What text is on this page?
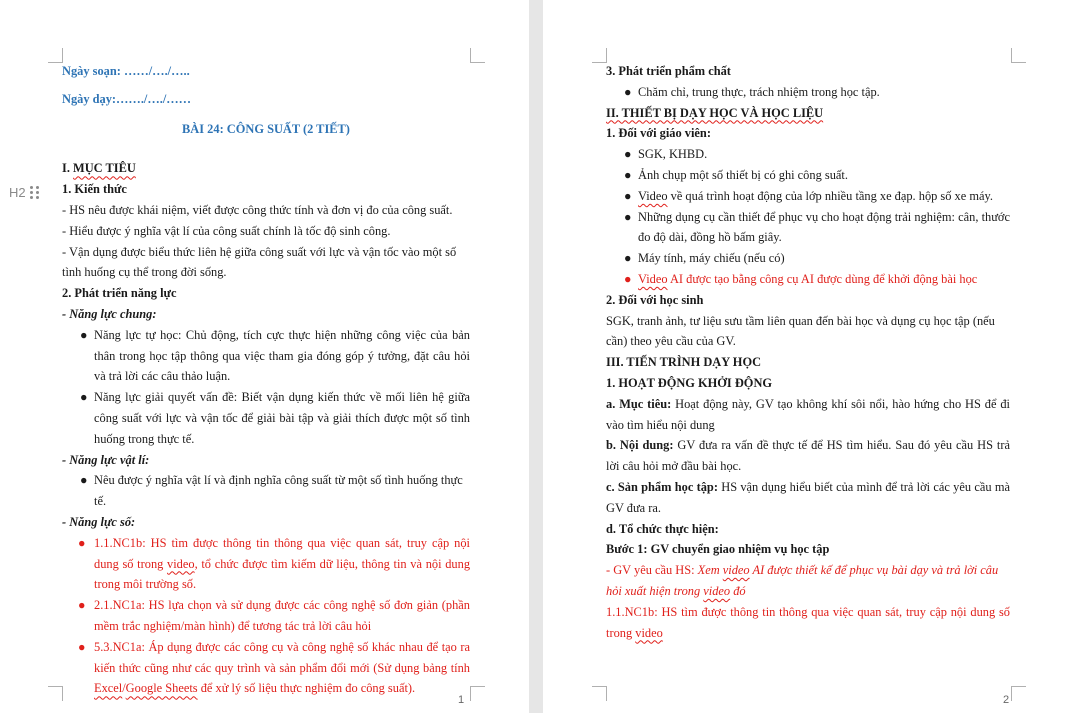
H2

Ngày soạn: ……/…./…..

Ngày dạy:……./…./……

BÀI 24: CÔNG SUẤT (2 TIẾT)

I. MỤC TIÊU

1. Kiến thức

- HS nêu được khái niệm, viết được công thức tính và đơn vị đo của công suất.

- Hiểu được ý nghĩa vật lí của công suất chính là tốc độ sinh công.

- Vận dụng được biểu thức liên hệ giữa công suất với lực và vận tốc vào một số tình huống cụ thể trong đời sống.

2. Phát triển năng lực

- Năng lực chung:

● Năng lực tự học: Chủ động, tích cực thực hiện những công việc của bản thân trong học tập thông qua việc tham gia đóng góp ý tưởng, đặt câu hỏi và trả lời các câu thảo luận.
● Năng lực giải quyết vấn đề: Biết vận dụng kiến thức về mối liên hệ giữa công suất với lực và vận tốc để giải bài tập và giải thích được một số tình huống trong thực tế.

- Năng lực vật lí:

● Nêu được ý nghĩa vật lí và định nghĩa công suất từ một số tình huống thực tế.

- Năng lực số:

● 1.1.NC1b: HS tìm được thông tin thông qua việc quan sát, truy cập nội dung số trong video, tổ chức được tìm kiếm dữ liệu, thông tin và nội dung trong môi trường số.
● 2.1.NC1a: HS lựa chọn và sử dụng được các công nghệ số đơn giản (phần mềm trắc nghiệm/màn hình) để tương tác trả lời câu hỏi
● 5.3.NC1a: Áp dụng được các công cụ và công nghệ số khác nhau để tạo ra kiến thức cũng như các quy trình và sản phẩm đổi mới (Sử dụng bảng tính Excel/Google Sheets để xử lý số liệu thực nghiệm đo công suất).
1

3. Phát triển phẩm chất

● Chăm chỉ, trung thực, trách nhiệm trong học tập.

II. THIẾT BỊ DẠY HỌC VÀ HỌC LIỆU

1. Đối với giáo viên:

● SGK, KHBD.
● Ảnh chụp một số thiết bị có ghi công suất.
● Video về quá trình hoạt động của lớp nhiều tầng xe đạp. hộp số xe máy.
● Những dụng cụ cần thiết để phục vụ cho hoạt động trải nghiệm: cân, thước đo độ dài, đồng hồ bấm giây.
● Máy tính, máy chiếu (nếu có)
● Video AI được tạo bằng công cụ AI được dùng để khởi động bài học

2. Đối với học sinh

SGK, tranh ảnh, tư liệu sưu tầm liên quan đến bài học và dụng cụ học tập (nếu cần) theo yêu cầu của GV.

III. TIẾN TRÌNH DẠY HỌC

1. HOẠT ĐỘNG KHỞI ĐỘNG

a. Mục tiêu: Hoạt động này, GV tạo không khí sôi nổi, hào hứng cho HS để đi vào tìm hiểu nội dung

b. Nội dung: GV đưa ra vấn đề thực tế để HS tìm hiểu. Sau đó yêu cầu HS trả lời câu hỏi mở đầu bài học.

c. Sản phẩm học tập: HS vận dụng hiểu biết của mình để trả lời các yêu cầu mà GV đưa ra.

d. Tổ chức thực hiện:

Bước 1: GV chuyển giao nhiệm vụ học tập

- GV yêu cầu HS: Xem video AI được thiết kế để phục vụ bài dạy và trả lời câu hỏi xuất hiện trong video đó

1.1.NC1b: HS tìm được thông tin thông qua việc quan sát, truy cập nội dung số trong video

2
